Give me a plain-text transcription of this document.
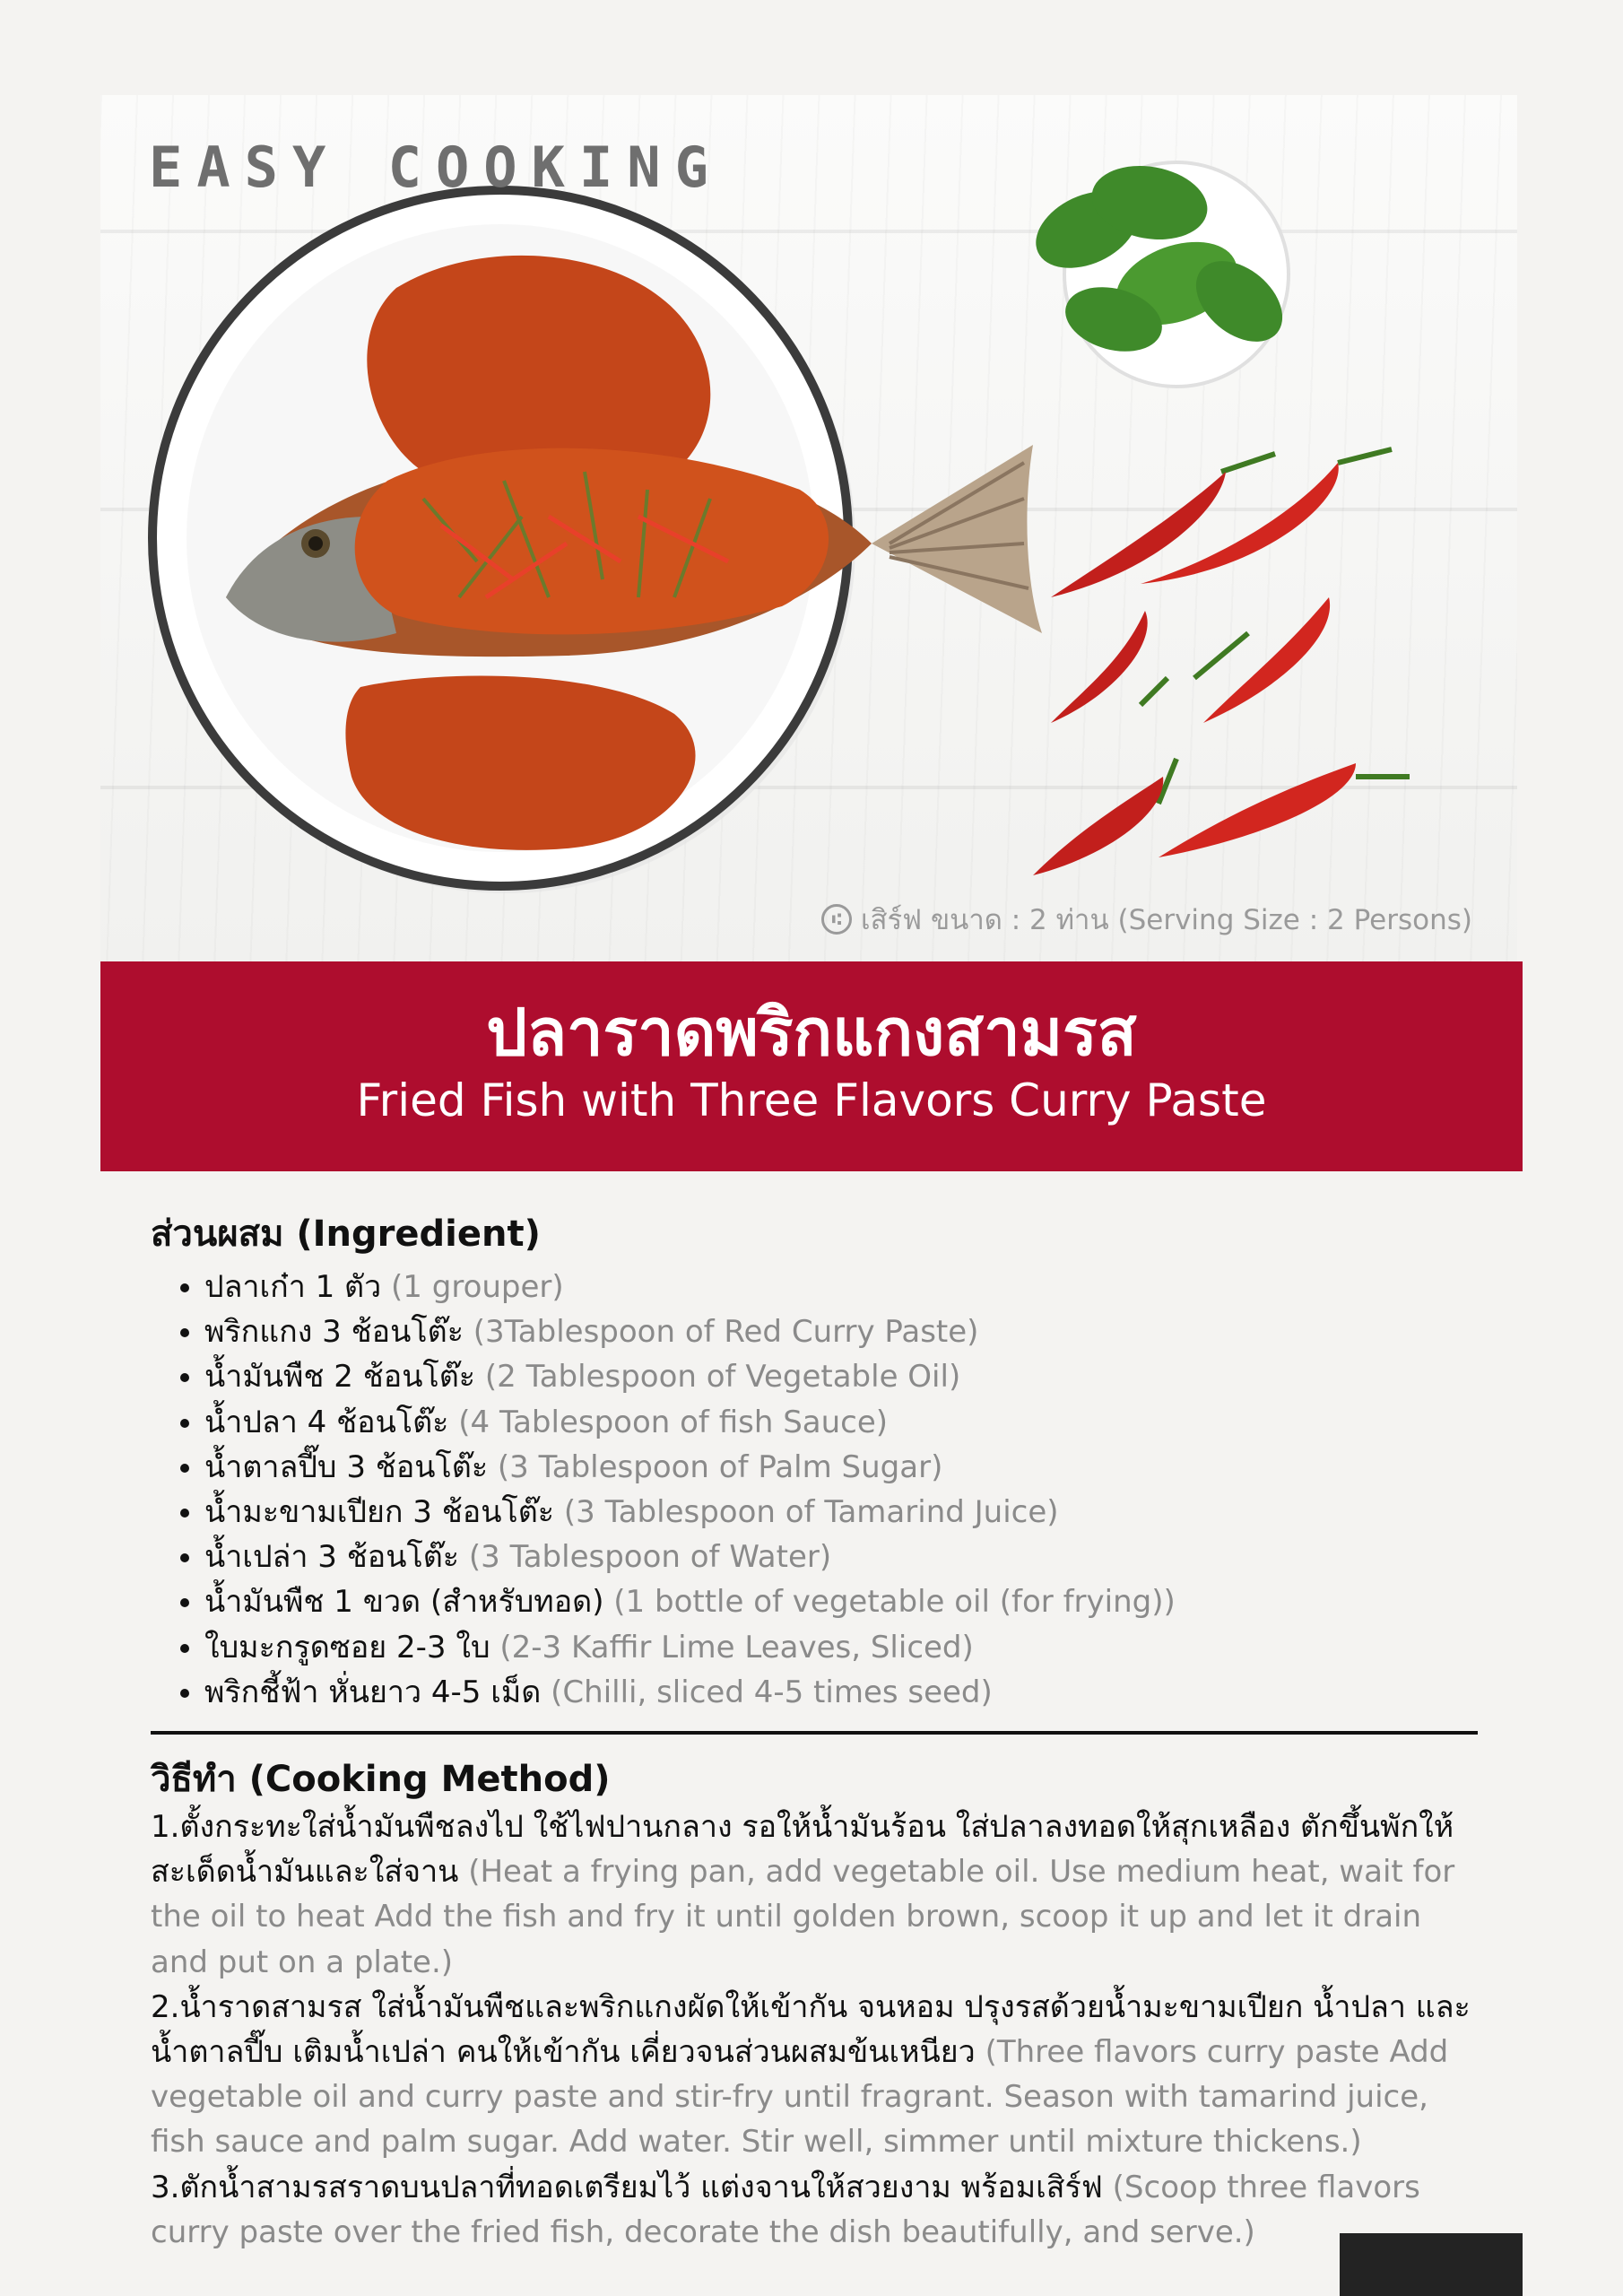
EASY COOKING
⑆ เสิร์ฟ ขนาด : 2 ท่าน (Serving Size : 2 Persons)
ปลาราดพริกแกงสามรส

Fried Fish with Three Flavors Curry Paste

ส่วนผสม (Ingredient)
• ปลาเก๋า 1 ตัว (1 grouper)
• พริกแกง 3 ช้อนโต๊ะ (3Tablespoon of Red Curry Paste)
• น้ำมันพืช 2 ช้อนโต๊ะ (2 Tablespoon of Vegetable Oil)
• น้ำปลา 4 ช้อนโต๊ะ (4 Tablespoon of fish Sauce)
• น้ำตาลปี๊บ 3 ช้อนโต๊ะ (3 Tablespoon of Palm Sugar)
• น้ำมะขามเปียก 3 ช้อนโต๊ะ (3 Tablespoon of Tamarind Juice)
• น้ำเปล่า 3 ช้อนโต๊ะ (3 Tablespoon of Water)
• น้ำมันพืช 1 ขวด (สำหรับทอด) (1 bottle of vegetable oil (for frying))
• ใบมะกรูดซอย 2-3 ใบ (2-3 Kaffir Lime Leaves, Sliced)
• พริกชี้ฟ้า หั่นยาว 4-5 เม็ด (Chilli, sliced 4-5 times seed)
วิธีทำ (Cooking Method)

1.ตั้งกระทะใส่น้ำมันพืชลงไป ใช้ไฟปานกลาง รอให้น้ำมันร้อน ใส่ปลาลงทอดให้สุกเหลือง ตักขึ้นพักให้สะเด็ดน้ำมันและใส่จาน (Heat a frying pan, add vegetable oil. Use medium heat, wait for the oil to heat Add the fish and fry it until golden brown, scoop it up and let it drain and put on a plate.)

2.น้ำราดสามรส ใส่น้ำมันพืชและพริกแกงผัดให้เข้ากัน จนหอม ปรุงรสด้วยน้ำมะขามเปียก น้ำปลา และน้ำตาลปี๊บ เติมน้ำเปล่า คนให้เข้ากัน เคี่ยวจนส่วนผสมข้นเหนียว (Three flavors curry paste Add vegetable oil and curry paste and stir-fry until fragrant. Season with tamarind juice, fish sauce and palm sugar. Add water. Stir well, simmer until mixture thickens.)

3.ตักน้ำสามรสราดบนปลาที่ทอดเตรียมไว้ แต่งจานให้สวยงาม พร้อมเสิร์ฟ (Scoop three flavors curry paste over the fried fish, decorate the dish beautifully, and serve.)
